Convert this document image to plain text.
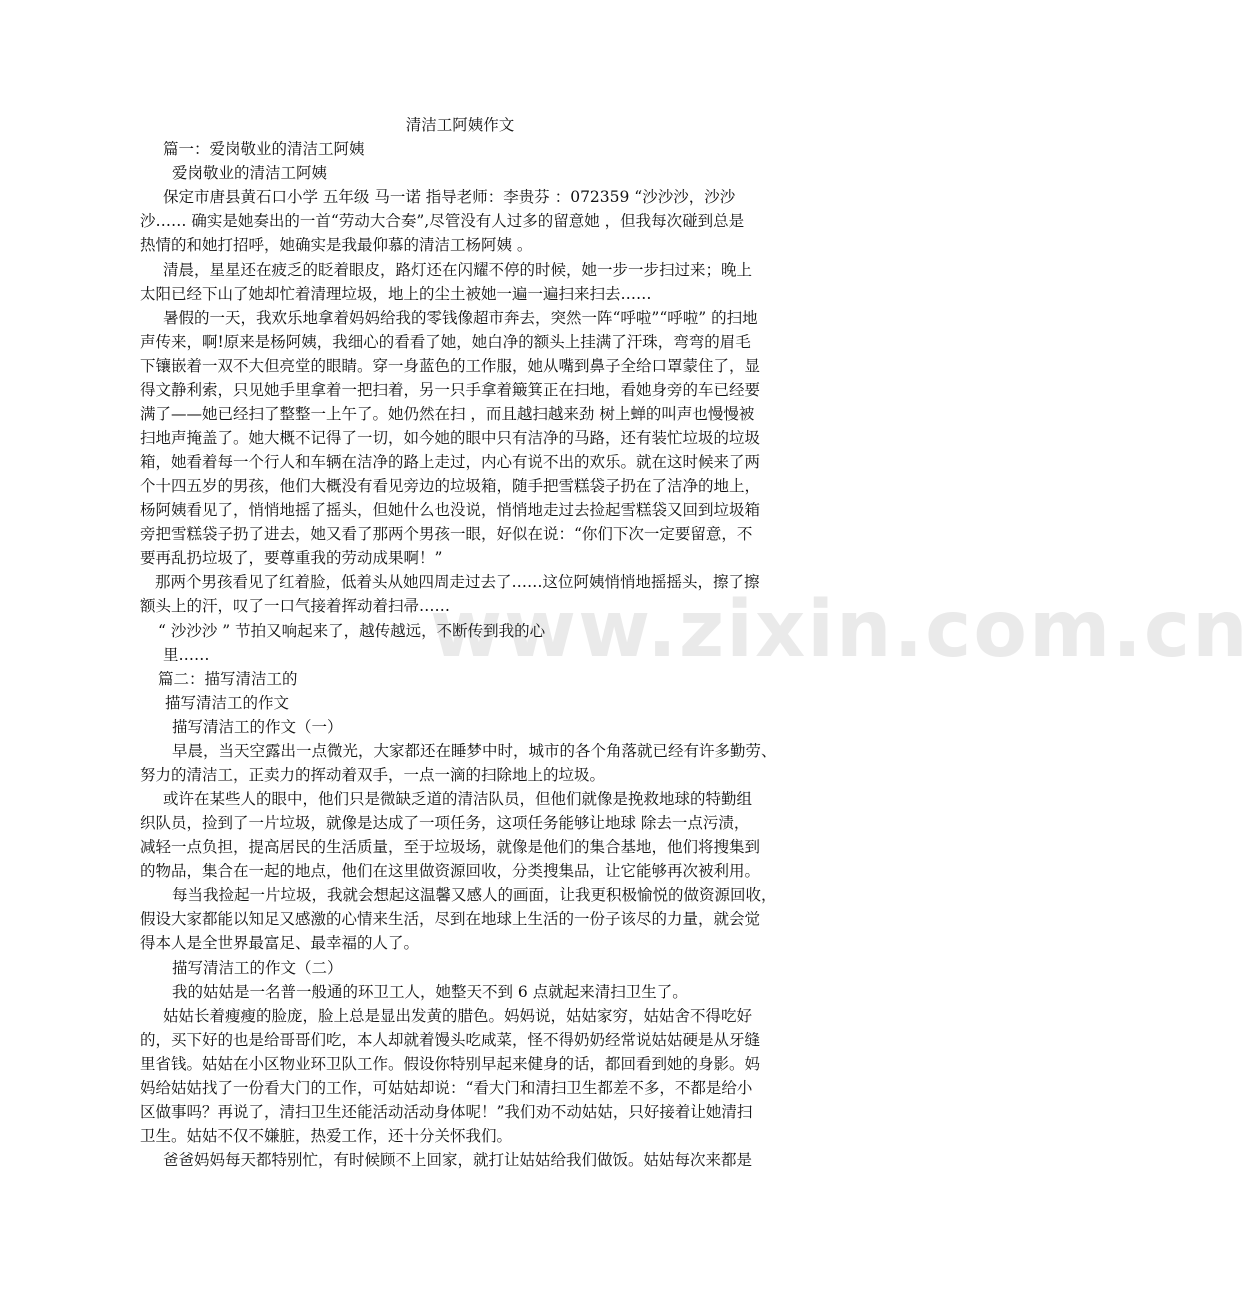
www.zixin.com.cn
清洁工阿姨作文
篇一：爱岗敬业的清洁工阿姨
爱岗敬业的清洁工阿姨
保定市唐县黄石口小学 五年级 马一诺 指导老师：李贵芬 ：072359 “沙沙沙，沙沙
沙…… 确实是她奏出的一首“劳动大合奏”,尽管没有人过多的留意她 ，但我每次碰到总是
热情的和她打招呼，她确实是我最仰慕的清洁工杨阿姨 。
清晨，星星还在疲乏的眨着眼皮，路灯还在闪耀不停的时候，她一步一步扫过来；晚上
太阳已经下山了她却忙着清理垃圾，地上的尘土被她一遍一遍扫来扫去……
暑假的一天，我欢乐地拿着妈妈给我的零钱像超市奔去，突然一阵“呼啦”“呼啦” 的扫地
声传来，啊!原来是杨阿姨，我细心的看看了她，她白净的额头上挂满了汗珠，弯弯的眉毛
下镶嵌着一双不大但亮堂的眼睛。穿一身蓝色的工作服，她从嘴到鼻子全给口罩蒙住了，显
得文静利索，只见她手里拿着一把扫着，另一只手拿着簸箕正在扫地，看她身旁的车已经要
满了——她已经扫了整整一上午了。她仍然在扫 ，而且越扫越来劲 树上蝉的叫声也慢慢被
扫地声掩盖了。她大概不记得了一切，如今她的眼中只有洁净的马路，还有装忙垃圾的垃圾
箱，她看着每一个行人和车辆在洁净的路上走过，内心有说不出的欢乐。就在这时候来了两
个十四五岁的男孩，他们大概没有看见旁边的垃圾箱，随手把雪糕袋子扔在了洁净的地上，
杨阿姨看见了，悄悄地摇了摇头，但她什么也没说，悄悄地走过去捡起雪糕袋又回到垃圾箱
旁把雪糕袋子扔了进去，她又看了那两个男孩一眼，好似在说：“你们下次一定要留意，不
要再乱扔垃圾了，要尊重我的劳动成果啊！”
那两个男孩看见了红着脸，低着头从她四周走过去了……这位阿姨悄悄地摇摇头，擦了擦
额头上的汗，叹了一口气接着挥动着扫帚……
“ 沙沙沙 ” 节拍又响起来了，越传越远，不断传到我的心
里……
篇二：描写清洁工的
描写清洁工的作文
描写清洁工的作文（一）
早晨，当天空露出一点微光，大家都还在睡梦中时，城市的各个角落就已经有许多勤劳、
努力的清洁工，正卖力的挥动着双手，一点一滴的扫除地上的垃圾。
或许在某些人的眼中，他们只是微缺乏道的清洁队员，但他们就像是挽救地球的特勤组
织队员，捡到了一片垃圾，就像是达成了一项任务，这项任务能够让地球 除去一点污渍，
减轻一点负担，提高居民的生活质量，至于垃圾场，就像是他们的集合基地，他们将搜集到
的物品，集合在一起的地点，他们在这里做资源回收，分类搜集品，让它能够再次被利用。
每当我捡起一片垃圾，我就会想起这温馨又感人的画面，让我更积极愉悦的做资源回收，
假设大家都能以知足又感激的心情来生活，尽到在地球上生活的一份子该尽的力量，就会觉
得本人是全世界最富足、最幸福的人了。
描写清洁工的作文（二）
我的姑姑是一名普一般通的环卫工人，她整天不到 6 点就起来清扫卫生了。
姑姑长着瘦瘦的脸庞，脸上总是显出发黄的腊色。妈妈说，姑姑家穷，姑姑舍不得吃好
的，买下好的也是给哥哥们吃，本人却就着馒头吃咸菜，怪不得奶奶经常说姑姑硬是从牙缝
里省钱。姑姑在小区物业环卫队工作。假设你特别早起来健身的话，都回看到她的身影。妈
妈给姑姑找了一份看大门的工作，可姑姑却说：“看大门和清扫卫生都差不多，不都是给小
区做事吗？再说了，清扫卫生还能活动活动身体呢！”我们劝不动姑姑，只好接着让她清扫
卫生。姑姑不仅不嫌脏，热爱工作，还十分关怀我们。
爸爸妈妈每天都特别忙，有时候顾不上回家，就打让姑姑给我们做饭。姑姑每次来都是
